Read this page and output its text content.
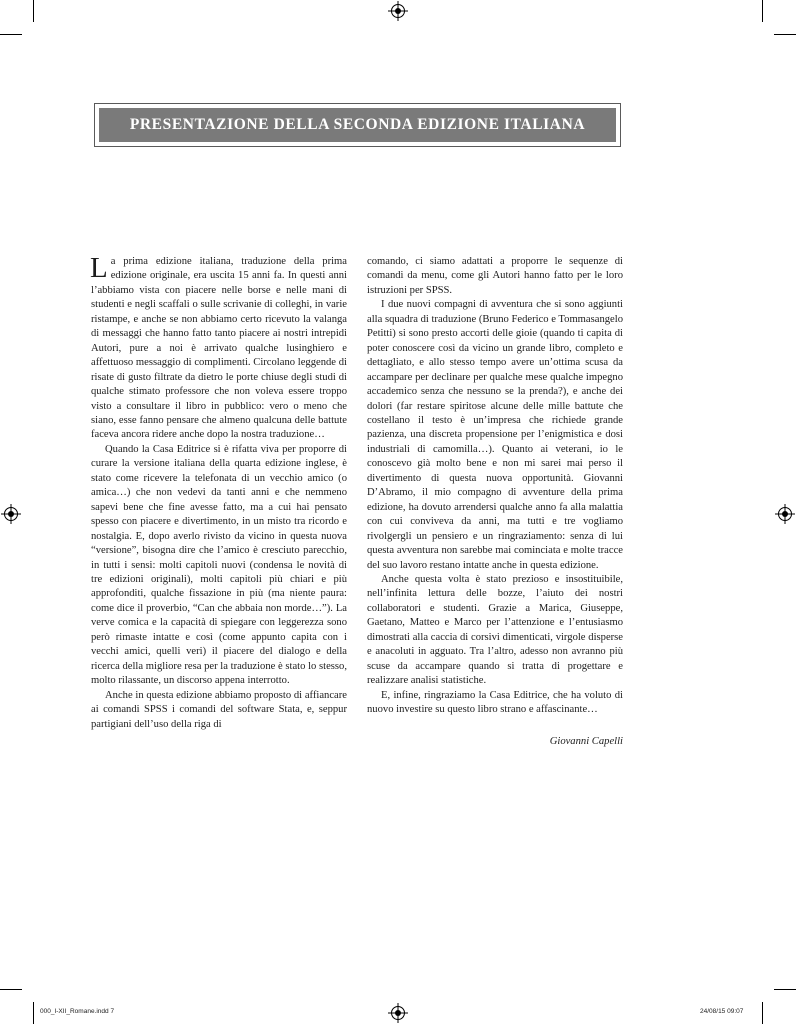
PRESENTAZIONE DELLA SECONDA EDIZIONE ITALIANA

La prima edizione italiana, traduzione della prima edizione originale, era uscita 15 anni fa. In questi anni l’abbiamo vista con piacere nelle borse e nelle mani di studenti e negli scaffali o sulle scrivanie di colleghi, in varie ristampe, e anche se non abbiamo certo ricevuto la valanga di messaggi che hanno fatto tanto piacere ai nostri intrepidi Autori, pure a noi è arrivato qualche lusinghiero e affettuoso messaggio di complimenti. Circolano leggende di risate di gusto filtrate da dietro le porte chiuse degli studi di qualche stimato professore che non voleva essere troppo visto a consultare il libro in pubblico: vero o meno che siano, esse fanno pensare che almeno qualcuna delle battute faceva ancora ridere anche dopo la nostra traduzione…

Quando la Casa Editrice si è rifatta viva per proporre di curare la versione italiana della quarta edizione inglese, è stato come ricevere la telefonata di un vecchio amico (o amica…) che non vedevi da tanti anni e che nemmeno sapevi bene che fine avesse fatto, ma a cui hai pensato spesso con piacere e divertimento, in un misto tra ricordo e nostalgia. E, dopo averlo rivisto da vicino in questa nuova “versione”, bisogna dire che l’amico è cresciuto parecchio, in tutti i sensi: molti capitoli nuovi (condensa le novità di tre edizioni originali), molti capitoli più chiari e più approfonditi, qualche fissazione in più (ma niente paura: come dice il proverbio, “Can che abbaia non morde…”). La verve comica e la capacità di spiegare con leggerezza sono però rimaste intatte e così (come appunto capita con i vecchi amici, quelli veri) il piacere del dialogo e della ricerca della migliore resa per la traduzione è stato lo stesso, molto rilassante, un discorso appena interrotto.

Anche in questa edizione abbiamo proposto di affiancare ai comandi SPSS i comandi del software Stata, e, seppur partigiani dell’uso della riga di

comando, ci siamo adattati a proporre le sequenze di comandi da menu, come gli Autori hanno fatto per le loro istruzioni per SPSS.

I due nuovi compagni di avventura che si sono aggiunti alla squadra di traduzione (Bruno Federico e Tommasangelo Petitti) si sono presto accorti delle gioie (quando ti capita di poter conoscere così da vicino un grande libro, completo e dettagliato, e allo stesso tempo avere un’ottima scusa da accampare per declinare per qualche mese qualche impegno accademico senza che nessuno se la prenda?), e anche dei dolori (far restare spiritose alcune delle mille battute che costellano il testo è un’impresa che richiede grande pazienza, una discreta propensione per l’enigmistica e dosi industriali di camomilla…). Quanto ai veterani, io le conoscevo già molto bene e non mi sarei mai perso il divertimento di questa nuova opportunità. Giovanni D’Abramo, il mio compagno di avventure della prima edizione, ha dovuto arrendersi qualche anno fa alla malattia con cui conviveva da anni, ma tutti e tre vogliamo rivolgergli un pensiero e un ringraziamento: senza di lui questa avventura non sarebbe mai cominciata e molte tracce del suo lavoro restano intatte anche in questa edizione.

Anche questa volta è stato prezioso e insostituibile, nell’infinita lettura delle bozze, l’aiuto dei nostri collaboratori e studenti. Grazie a Marica, Giuseppe, Gaetano, Matteo e Marco per l’attenzione e l’entusiasmo dimostrati alla caccia di corsivi dimenticati, virgole disperse e anacoluti in agguato. Tra l’altro, adesso non avranno più scuse da accampare quando si tratta di progettare e realizzare analisi statistiche.

E, infine, ringraziamo la Casa Editrice, che ha voluto di nuovo investire su questo libro strano e affascinante…

Giovanni Capelli
000_I-XII_Romane.indd 7	24/08/15 09:07
